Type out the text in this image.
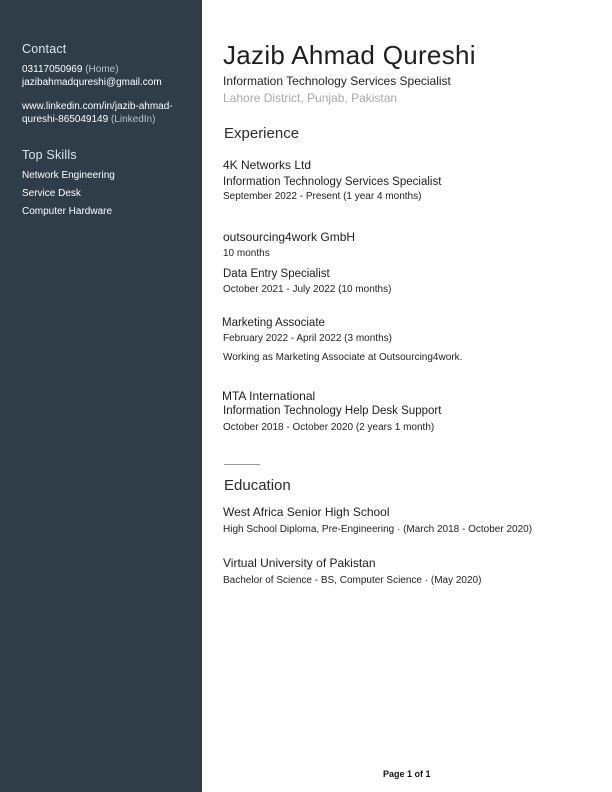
Contact
03117050969 (Home)
jazibahmadqureshi@gmail.com
www.linkedin.com/in/jazib-ahmad-
qureshi-865049149 (LinkedIn)
Top Skills
Network Engineering
Service Desk
Computer Hardware
Jazib Ahmad Qureshi
Information Technology Services Specialist
Lahore District, Punjab, Pakistan
Experience
4K Networks Ltd
Information Technology Services Specialist
September 2022 - Present (1 year 4 months)
outsourcing4work GmbH
10 months
Data Entry Specialist
October 2021 - July 2022 (10 months)
Marketing Associate
February 2022 - April 2022 (3 months)
Working as Marketing Associate at Outsourcing4work.
MTA International
Information Technology Help Desk Support
October 2018 - October 2020 (2 years 1 month)
Education
West Africa Senior High School
High School Diploma, Pre-Engineering · (March 2018 - October 2020)
Virtual University of Pakistan
Bachelor of Science - BS, Computer Science · (May 2020)
Page 1 of 1
